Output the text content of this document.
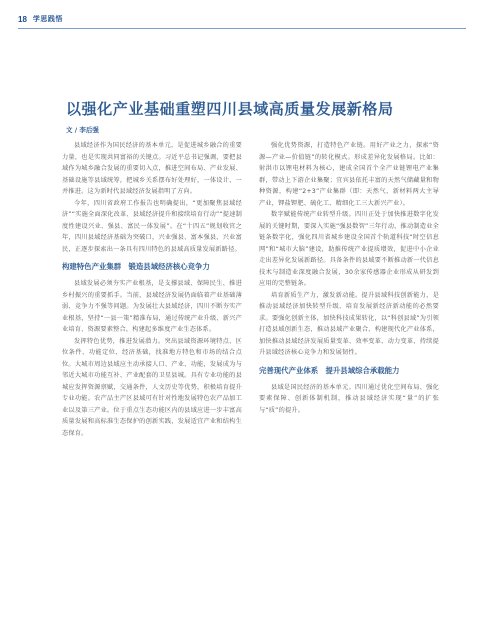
18 学思践悟
以强化产业基础重塑四川县域高质量发展新格局
文 / 李后强

县域经济作为国民经济的基本单元，是促进城乡融合的重要力量，也是实现共同富裕的关键点。习近平总书记强调，要把县域作为城乡融合发展的重要切入点，推进空间布局、产业发展、基础设施等县域统筹，把城乡关系摆布好处理好，一体设计、一并推进。这为新时代县域经济发展指明了方向。

今年，四川省政府工作报告也明确提出，“更加聚焦县域经济”“实施全面深化改革、县域经济提升和接续培育行动”“提速制度性建设兴业、强县、富民一体发展”。在“十四五”规划收官之年，四川县域经济基础为突破口，兴业强县、富本强县、兴业富民，正逐步探索出一条具有四川特色的县域高质量发展新路径。

构建特色产业集群　锻造县域经济核心竞争力

县域发展必须夯实产业根基，是支撑县域、保障民生、推进乡村振兴的重要抓手。当前，县域经济发展仍面临着产业基础薄弱、竞争力不强等问题。为发展壮大县域经济，四川不断夯实产业根基，坚持“一县一策”精准布局，通过传统产业升级、新兴产业培育、资源要素整合，构建起多维度产业生态体系。

发挥特色优势，推进发展潜力。突出县域资源环境特点、区位条件、功能定位、经济基础，找准地方特色和市场的结合点位。大城市周边县域应主动承接人口、产业、功能，发展成为与邻近大城市功能互补、产业配套的卫星县城。具有专业功能的县城应发挥资源禀赋，交通条件，人文历史等优势，积极培育提升专业功能。农产品主产区县域可有针对性地发展特色农产品加工业以及第三产业。位于重点生态功能区内的县域应进一步丰富高质量发展和高标准生态保护的创新实践，发展适宜产业和结构生态保育。

强化优势资源，打造特色产业链。用好产业之力，探索“资源—产业—价值链”的转化模式。形成差异化发展格局。比如：射洪市以锂电材料为核心，建成全国首个全产业链锂电产业集群，带动上下游企业集聚；宜宾县依托丰富的天然气储藏量和物种资源，构建“2+3”产业集群（即：天然气、新材料两大主导产业，钾盐钾肥、硫化工、精细化工三大新兴产业）。

数字赋能传统产业转型升级。四川正处于加快推进数字化发展的关键时期，要深入实施“强县数智”三年行动，推动制造业全链条数字化，强化四川省城乡建设全国首个轨道科技“时空信息网”和“城市大脑”建设，助推传统产业提质增效，促进中小企业走出差异化发展新路径。具备条件的县域要不断推动新一代信息技术与制造业深度融合发展，30余家传感器企业形成从研发到应用的完整链条。

培育新质生产力，激发新动能。提升县域科技创新能力，是推动县域经济加快转型升级、培育发展新经济新动能的必然要求。要强化创新主体，加快科技成果转化，以“科创县域”为引领打造县域创新生态，推动县域产业聚合、构建现代化产业体系，加快推动县域经济发展质量变革、效率变革、动力变革，持续提升县域经济核心竞争力和发展韧性。

完善现代产业体系　提升县域综合承载能力

县域是国民经济的基本单元。四川通过优化空间布局、强化要素保障、创新体制机制，推动县域经济实现“量”的扩张与“质”的提升。
